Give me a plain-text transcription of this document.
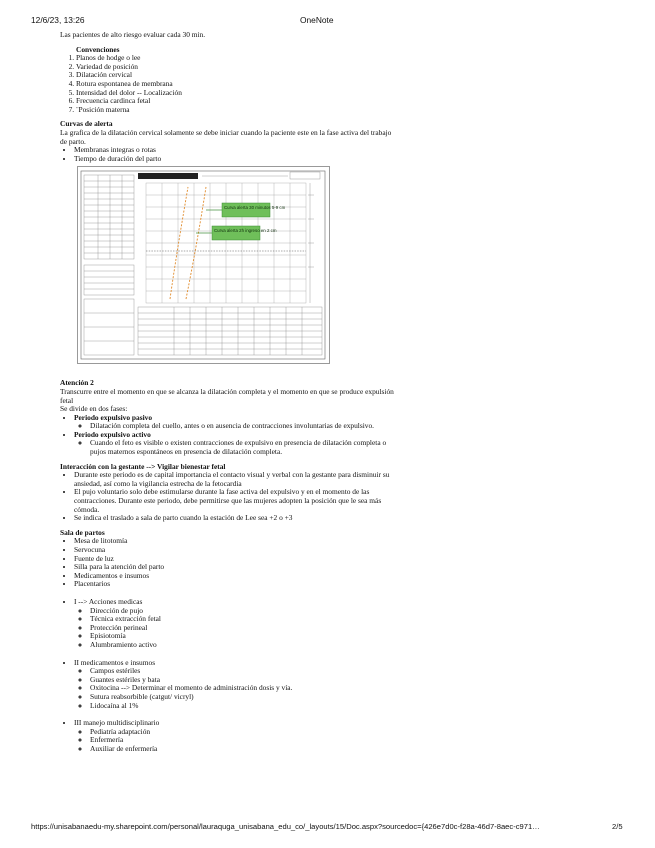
12/6/23, 13:26	OneNote

Las pacientes de alto riesgo evaluar cada 30 min.

Convenciones
1. Planos de hodge o lee
2. Variedad de posición
3. Dilatación cervical
4. Rotura espontanea de membrana
5. Intensidad del dolor -- Localización
6. Frecuencia cardinca fetal
7. ¨Posición materna
Curvas de alerta

La grafica de la dilatación cervical solamente se debe iniciar cuando la paciente este en la fase activa del trabajo de parto.

• Membranas integras o rotas
• Tiempo de duración del parto
Curva alerta 30 minutos 5-9 cm
Curva alerta 2h ingreso en 2 cm
Atención 2

Transcurre entre el momento en que se alcanza la dilatación completa y el momento en que se produce expulsión fetal

Se divide en dos fases:

• Periodo expulsivo pasivo
◦ Dilatación completa del cuello, antes o en ausencia de contracciones involuntarias de expulsivo.
• Periodo expulsivo activo
◦ Cuando el feto es visible o existen contracciones de expulsivo en presencia de dilatación completa o pujos maternos espontáneos en presencia de dilatación completa.
Interacción con la gestante --> Vigilar bienestar fetal
• Durante este periodo es de capital importancia el contacto visual y verbal con la gestante para disminuir su ansiedad, así como la vigilancia estrecha de la fetocardia
• El pujo voluntario solo debe estimularse durante la fase activa del expulsivo y en el momento de las contracciones. Durante este periodo, debe permitirse que las mujeres adopten la posición que le sea más cómoda.
• Se indica el traslado a sala de parto cuando la estación de Lee sea +2 o +3
Sala de partos
• Mesa de litotomía
• Servocuna
• Fuente de luz
• Silla para la atención del parto
• Medicamentos e insumos
• Placentarios
• I --> Acciones medicas
◦ Dirección de pujo
◦ Técnica extracción fetal
◦ Protección perineal
◦ Episiotomía
◦ Alumbramiento activo
• II medicamentos e insumos
◦ Campos estériles
◦ Guantes estériles y bata
◦ Oxitocina --> Determinar el momento de administración dosis y vía.
◦ Sutura reabsorbible (catgut/ vicryl)
◦ Lidocaína al 1%
• III manejo multidisciplinario
◦ Pediatría adaptación
◦ Enfermería
◦ Auxiliar de enfermería
https://unisabanaedu-my.sharepoint.com/personal/lauraquga_unisabana_edu_co/_layouts/15/Doc.aspx?sourcedoc={426e7d0c-f28a-46d7-8aec-c971…	2/5
